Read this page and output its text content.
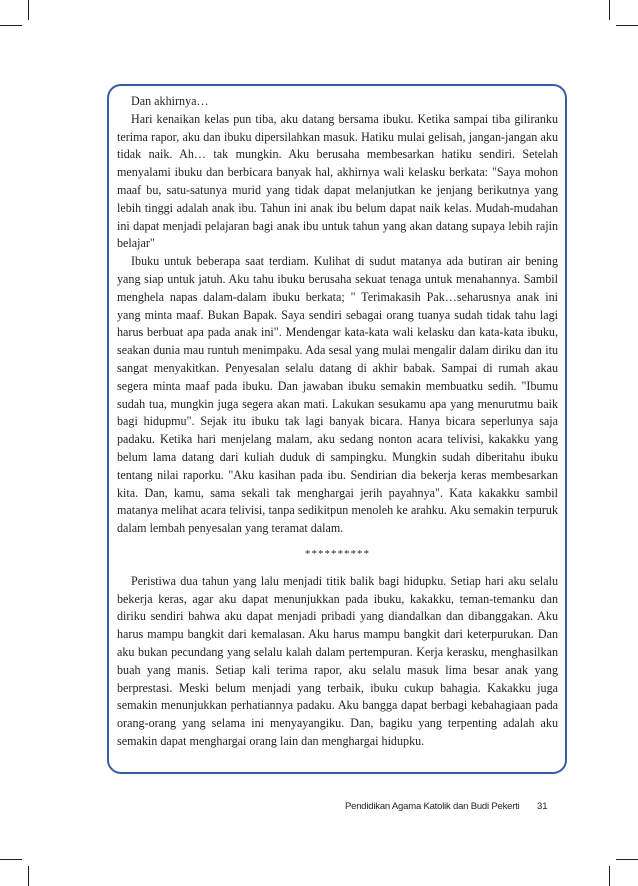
Dan akhirnya…

Hari kenaikan kelas pun tiba, aku datang bersama ibuku. Ketika sampai tiba giliranku terima rapor, aku dan ibuku dipersilahkan masuk. Hatiku mulai gelisah, jangan-jangan aku tidak naik. Ah… tak mungkin. Aku berusaha membesarkan hatiku sendiri. Setelah menyalami ibuku dan berbicara banyak hal, akhirnya wali kelasku berkata: "Saya mohon maaf bu, satu-satunya murid yang tidak dapat melanjutkan ke jenjang berikutnya yang lebih tinggi adalah anak ibu. Tahun ini anak ibu belum dapat naik kelas. Mudah-mudahan ini dapat menjadi pelajaran bagi anak ibu untuk tahun yang akan datang supaya lebih rajin belajar"

Ibuku untuk beberapa saat terdiam. Kulihat di sudut matanya ada butiran air bening yang siap untuk jatuh. Aku tahu ibuku berusaha sekuat tenaga untuk menahannya. Sambil menghela napas dalam-dalam ibuku berkata; " Terimakasih Pak…seharusnya anak ini yang minta maaf. Bukan Bapak. Saya sendiri sebagai orang tuanya sudah tidak tahu lagi harus berbuat apa pada anak ini". Mendengar kata-kata wali kelasku dan kata-kata ibuku, seakan dunia mau runtuh menimpaku. Ada sesal yang mulai mengalir dalam diriku dan itu sangat menyakitkan. Penyesalan selalu datang di akhir babak. Sampai di rumah akau segera minta maaf pada ibuku. Dan jawaban ibuku semakin membuatku sedih. "Ibumu sudah tua, mungkin juga segera akan mati. Lakukan sesukamu apa yang menurutmu baik bagi hidupmu". Sejak itu ibuku tak lagi banyak bicara. Hanya bicara seperlunya saja padaku. Ketika hari menjelang malam, aku sedang nonton acara telivisi, kakakku yang belum lama datang dari kuliah duduk di sampingku. Mungkin sudah diberitahu ibuku tentang nilai raporku. "Aku kasihan pada ibu. Sendirian dia bekerja keras membesarkan kita. Dan, kamu, sama sekali tak menghargai jerih payahnya". Kata kakakku sambil matanya melihat acara telivisi, tanpa sedikitpun menoleh ke arahku. Aku semakin terpuruk dalam lembah penyesalan yang teramat dalam.

**********

Peristiwa dua tahun yang lalu menjadi titik balik bagi hidupku. Setiap hari aku selalu bekerja keras, agar aku dapat menunjukkan pada ibuku, kakakku, teman-temanku dan diriku sendiri bahwa aku dapat menjadi pribadi yang diandalkan dan dibanggakan. Aku harus mampu bangkit dari kemalasan. Aku harus mampu bangkit dari keterpurukan. Dan aku bukan pecundang yang selalu kalah dalam pertempuran. Kerja kerasku, menghasilkan buah yang manis. Setiap kali terima rapor, aku selalu masuk lima besar anak yang berprestasi. Meski belum menjadi yang terbaik, ibuku cukup bahagia. Kakakku juga semakin menunjukkan perhatiannya padaku. Aku bangga dapat berbagi kebahagiaan pada orang-orang yang selama ini menyayangiku. Dan, bagiku yang terpenting adalah aku semakin dapat menghargai orang lain dan menghargai hidupku.

Pendidikan Agama Katolik dan Budi Pekerti 31
